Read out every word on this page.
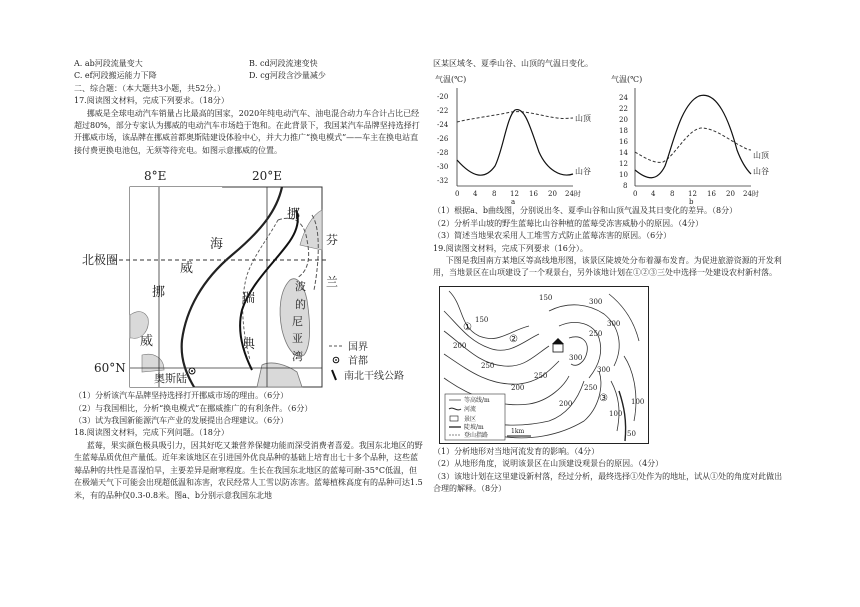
A. ab河段流量变大	B. cd河段流速变快
C. ef河段搬运能力下降	D. cg河段含沙量减少

二、综合题：（本大题共3小题，共52分。）

17.阅读图文材料，完成下列要求。（18分）

挪威是全球电动汽车销量占比最高的国家，2020年纯电动汽车、油电混合动力车合计占比已经超过80%，部分专家认为挪威的电动汽车市场趋于饱和。在此背景下，我国某汽车品牌坚持选择打开挪威市场，该品牌在挪威首都奥斯陆建设体验中心，并大力推广“换电模式”——车主在换电站直接付费更换电池包，无须等待充电。如图示意挪威的位置。

8°E	20°E
北极圈
60°N
海
威
挪
挪	瑞
典
波
的
尼
亚
湾
威
奥斯陆
芬
兰
国界
首都
南北干线公路

（1）分析该汽车品牌坚持选择打开挪威市场的理由。（6分）

（2）与我国相比，分析“换电模式”在挪威推广的有利条件。（6分）

（3）试为我国新能源汽车产业的发展提出合理建议。（6分）

18.阅读图文材料，完成下列问题。（18分）

蓝莓，果实颜色极具吸引力，因其好吃又兼营养保健功能而深受消费者喜爱。我国东北地区的野生蓝莓品质优但产量低。近年来该地区在引进国外优良品种的基础上培育出七十多个品种，这些蓝莓品种的共性是喜湿怕旱，主要差异是耐寒程度。生长在我国东北地区的蓝莓可耐-35°C低温，但在极端天气下可能会出现超低温和冻害，农民经常人工雪以防冻害。蓝莓植株高度有的品种可达1.5米，有的品种仅0.3-0.8米。图a、b分别示意我国东北地

区某区域冬、夏季山谷、山顶的气温日变化。

气温(℃)
-20
-22
-24
-26
-28
-30
-32
0 4 8 12 16 20 24时
山顶
山谷
a
气温(℃)
24
22
20
18
16
14
12
10
8
0 4 8 12 16 20 24时
山顶
山谷
b

（1）根据a、b曲线图，分别说出冬、夏季山谷和山顶气温及其日变化的差异。（8分）

（2）分析半山坡的野生蓝莓比山谷种植的蓝莓受冻害威胁小的原因。（4分）

（3）简述当地果农采用人工堆雪方式防止蓝莓冻害的原因。（6分）

19.阅读图文材料，完成下列要求（16分）。

下图是我国南方某地区等高线地形图，该景区陡坡处分布着瀑布发育。为促进旅游资源的开发利用，当地景区在山项建设了一个观景台，另外该地计划在①②③三处中选择一处建设农村新村落。

150
200
250
300
100
150
200
250
300
250
300
200
250
300
100
50
①
②
③
等高线/m
河流
景区
陡坡/m
登山指路
1km

（1）分析地形对当地河流发育的影响。（4分）

（2）从地形角度，说明该景区在山顶建设观景台的原因。（4分）

（3）该地计划在这里建设新村落，经过分析，最终选择①处作为的地址，试从①处的角度对此做出合理的解释。（8分）
